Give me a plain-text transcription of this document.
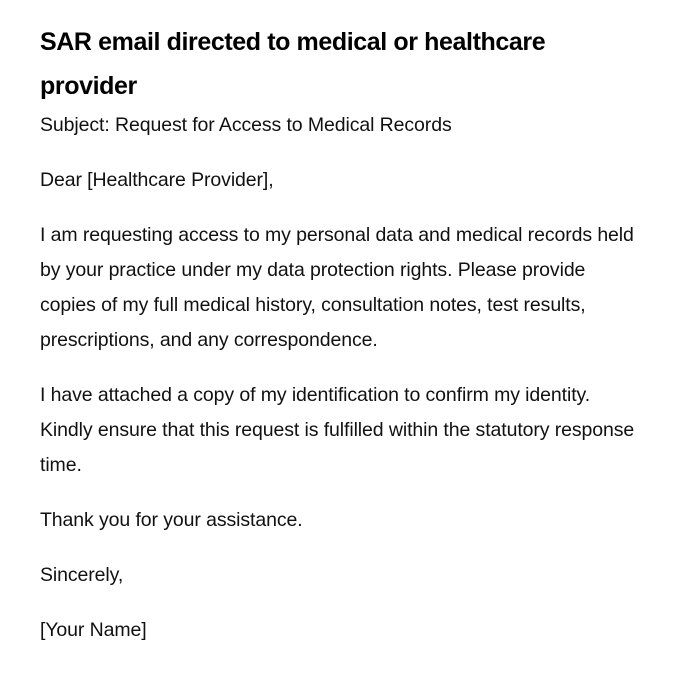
SAR email directed to medical or healthcare provider

Subject: Request for Access to Medical Records

Dear [Healthcare Provider],

I am requesting access to my personal data and medical records held by your practice under my data protection rights. Please provide copies of my full medical history, consultation notes, test results, prescriptions, and any correspondence.

I have attached a copy of my identification to confirm my identity. Kindly ensure that this request is fulfilled within the statutory response time.

Thank you for your assistance.

Sincerely,

[Your Name]
